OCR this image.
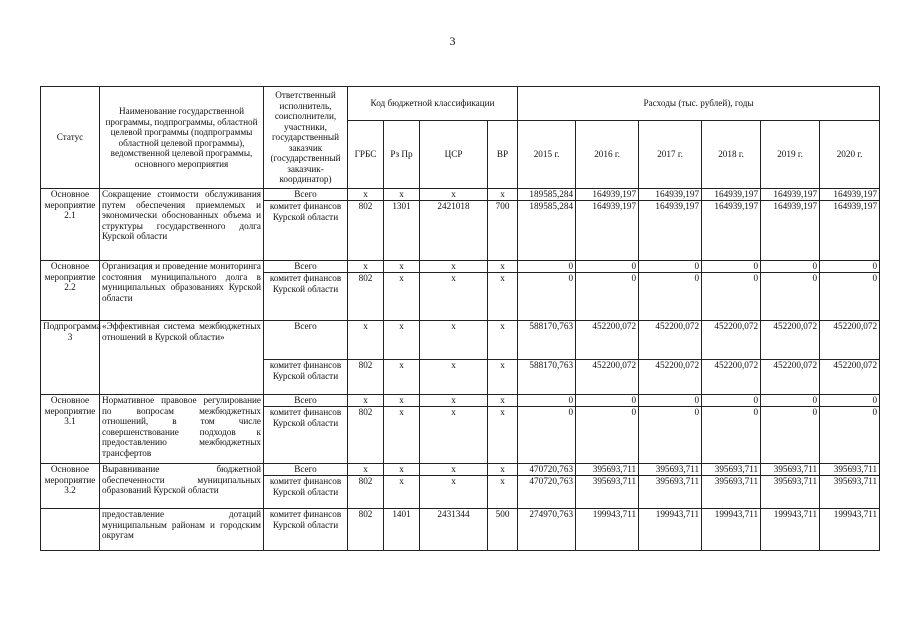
3
Статус	Наименование государственной программы, подпрограммы, областной целевой программы (подпрограммы областной целевой программы), ведомственной целевой программы, основного мероприятия	Ответственный исполнитель, соисполнители, участники, государственный заказчик (государственный заказчик-координатор)	Код бюджетной классификации				Расходы (тыс. рублей), годы					
			ГРБС	Рз Пр	ЦСР	ВР	2015 г.	2016 г.	2017 г.	2018 г.	2019 г.	2020 г.
Основное мероприятие 2.1	Сокращение стоимости обслуживания путем обеспечения приемлемых и экономически обоснованных объема и структуры государственного долга Курской области	Всего	x	x	x	x	189585,284	164939,197	164939,197	164939,197	164939,197	164939,197
		комитет финансов Курской области	802	1301	2421018	700	189585,284	164939,197	164939,197	164939,197	164939,197	164939,197
Основное мероприятие 2.2	Организация и проведение мониторинга состояния муниципального долга в муниципальных образованиях Курской области	Всего	x	x	x	x	0	0	0	0	0	0
		комитет финансов Курской области	802	x	x	x	0	0	0	0	0	0
Подпрограмма 3	«Эффективная система межбюджетных отношений в Курской области»	Всего	x	x	x	x	588170,763	452200,072	452200,072	452200,072	452200,072	452200,072
		комитет финансов Курской области	802	x	x	x	588170,763	452200,072	452200,072	452200,072	452200,072	452200,072
Основное мероприятие 3.1	Нормативное правовое регулирование по вопросам межбюджетных отношений, в том числе совершенствование подходов к предоставлению межбюджетных трансфертов	Всего	x	x	x	x	0	0	0	0	0	0
		комитет финансов Курской области	802	x	x	x	0	0	0	0	0	0
Основное мероприятие 3.2	Выравнивание бюджетной обеспеченности муниципальных образований Курской области	Всего	x	x	x	x	470720,763	395693,711	395693,711	395693,711	395693,711	395693,711
		комитет финансов Курской области	802	x	x	x	470720,763	395693,711	395693,711	395693,711	395693,711	395693,711
	предоставление дотаций муниципальным районам и городским округам	комитет финансов Курской области	802	1401	2431344	500	274970,763	199943,711	199943,711	199943,711	199943,711	199943,711
